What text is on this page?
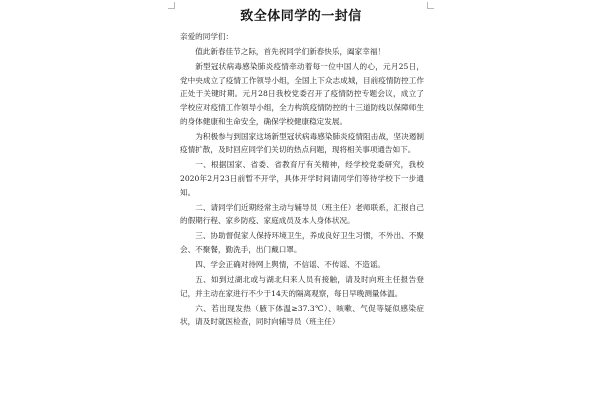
致全体同学的一封信

亲爱的同学们：

值此新春佳节之际，首先祝同学们新春快乐，阖家幸福！

新型冠状病毒感染肺炎疫情牵动着每一位中国人的心，元月25日，党中央成立了疫情工作领导小组，全国上下众志成城，目前疫情防控工作正处于关键时期。元月28日我校党委召开了疫情防控专题会议，成立了学校应对疫情工作领导小组，全力构筑疫情防控的十三道防线以保障师生的身体健康和生命安全，确保学校健康稳定发展。

为积极参与到国家这场新型冠状病毒感染肺炎疫情阻击战，坚决遏制疫情扩散，及时回应同学们关切的热点问题，现将相关事项通告如下。

一、根据国家、省委、省教育厅有关精神，经学校党委研究，我校2020年2月23日前暂不开学，具体开学时间请同学们等待学校下一步通知。

二、请同学们近期经常主动与辅导员（班主任）老师联系，汇报自己的假期行程、家乡防疫、家庭成员及本人身体状况。

三、协助督促家人保持环境卫生，养成良好卫生习惯，不外出、不聚会、不聚餐，勤洗手，出门戴口罩。

四、学会正确对待网上舆情，不信谣、不传谣、不造谣。

五、如到过湖北或与湖北归来人员有接触，请及时向班主任报告登记，并主动在家进行不少于14天的隔离观察，每日早晚测量体温。

六、若出现发热（腋下体温≥37.3℃）、咳嗽、气促等疑似感染症状，请及时就医检查，同时向辅导员（班主任）
